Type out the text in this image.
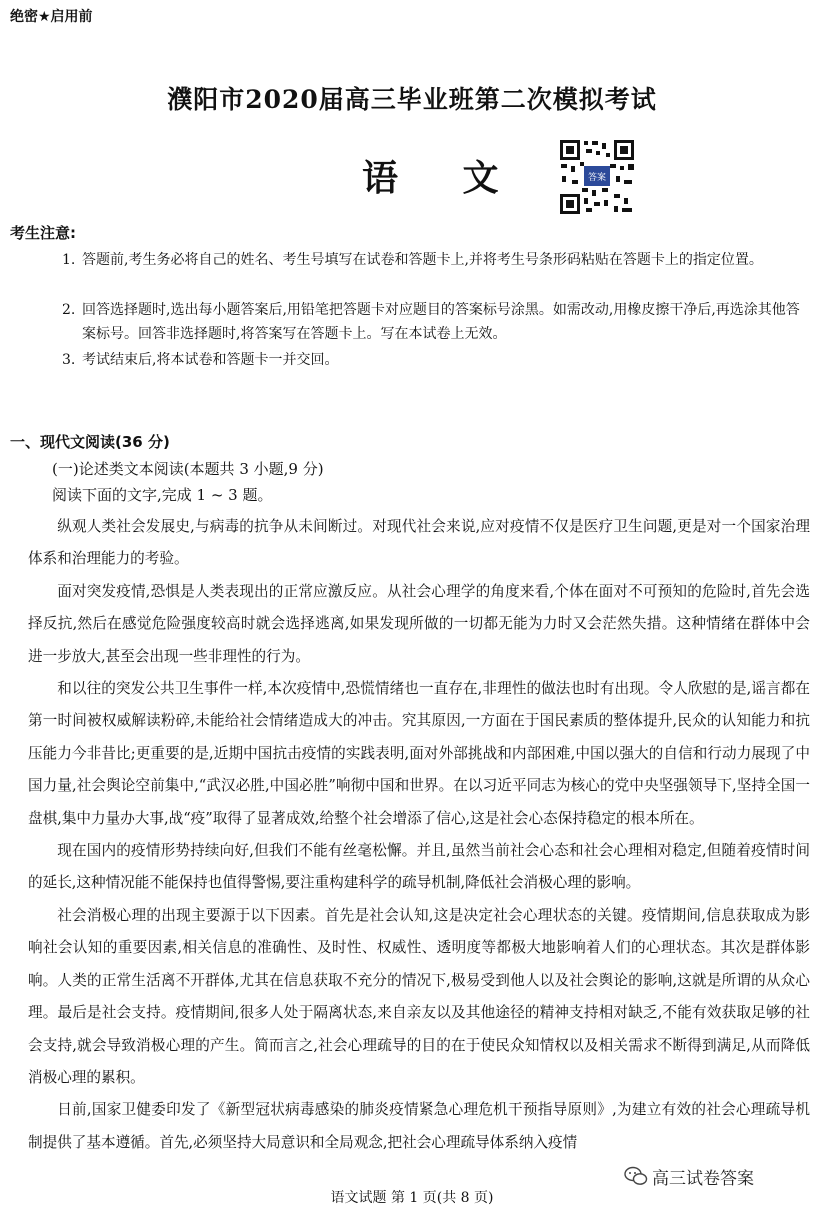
绝密★启用前
濮阳市2020届高三毕业班第二次模拟考试
语 文	答案
考生注意:
1. 答题前,考生务必将自己的姓名、考生号填写在试卷和答题卡上,并将考生号条形码粘贴在答题卡上的指定位置。
2. 回答选择题时,选出每小题答案后,用铅笔把答题卡对应题目的答案标号涂黑。如需改动,用橡皮擦干净后,再选涂其他答案标号。回答非选择题时,将答案写在答题卡上。写在本试卷上无效。
3. 考试结束后,将本试卷和答题卡一并交回。
一、现代文阅读(36 分)
(一)论述类文本阅读(本题共 3 小题,9 分)
阅读下面的文字,完成 1 ~ 3 题。

纵观人类社会发展史,与病毒的抗争从未间断过。对现代社会来说,应对疫情不仅是医疗卫生问题,更是对一个国家治理体系和治理能力的考验。

面对突发疫情,恐惧是人类表现出的正常应激反应。从社会心理学的角度来看,个体在面对不可预知的危险时,首先会选择反抗,然后在感觉危险强度较高时就会选择逃离,如果发现所做的一切都无能为力时又会茫然失措。这种情绪在群体中会进一步放大,甚至会出现一些非理性的行为。

和以往的突发公共卫生事件一样,本次疫情中,恐慌情绪也一直存在,非理性的做法也时有出现。令人欣慰的是,谣言都在第一时间被权威解读粉碎,未能给社会情绪造成大的冲击。究其原因,一方面在于国民素质的整体提升,民众的认知能力和抗压能力今非昔比;更重要的是,近期中国抗击疫情的实践表明,面对外部挑战和内部困难,中国以强大的自信和行动力展现了中国力量,社会舆论空前集中,“武汉必胜,中国必胜”响彻中国和世界。在以习近平同志为核心的党中央坚强领导下,坚持全国一盘棋,集中力量办大事,战“疫”取得了显著成效,给整个社会增添了信心,这是社会心态保持稳定的根本所在。

现在国内的疫情形势持续向好,但我们不能有丝毫松懈。并且,虽然当前社会心态和社会心理相对稳定,但随着疫情时间的延长,这种情况能不能保持也值得警惕,要注重构建科学的疏导机制,降低社会消极心理的影响。

社会消极心理的出现主要源于以下因素。首先是社会认知,这是决定社会心理状态的关键。疫情期间,信息获取成为影响社会认知的重要因素,相关信息的准确性、及时性、权威性、透明度等都极大地影响着人们的心理状态。其次是群体影响。人类的正常生活离不开群体,尤其在信息获取不充分的情况下,极易受到他人以及社会舆论的影响,这就是所谓的从众心理。最后是社会支持。疫情期间,很多人处于隔离状态,来自亲友以及其他途径的精神支持相对缺乏,不能有效获取足够的社会支持,就会导致消极心理的产生。简而言之,社会心理疏导的目的在于使民众知情权以及相关需求不断得到满足,从而降低消极心理的累积。

日前,国家卫健委印发了《新型冠状病毒感染的肺炎疫情紧急心理危机干预指导原则》,为建立有效的社会心理疏导机制提供了基本遵循。首先,必须坚持大局意识和全局观念,把社会心理疏导体系纳入疫情

语文试题 第 1 页(共 8 页)
高三试卷答案
